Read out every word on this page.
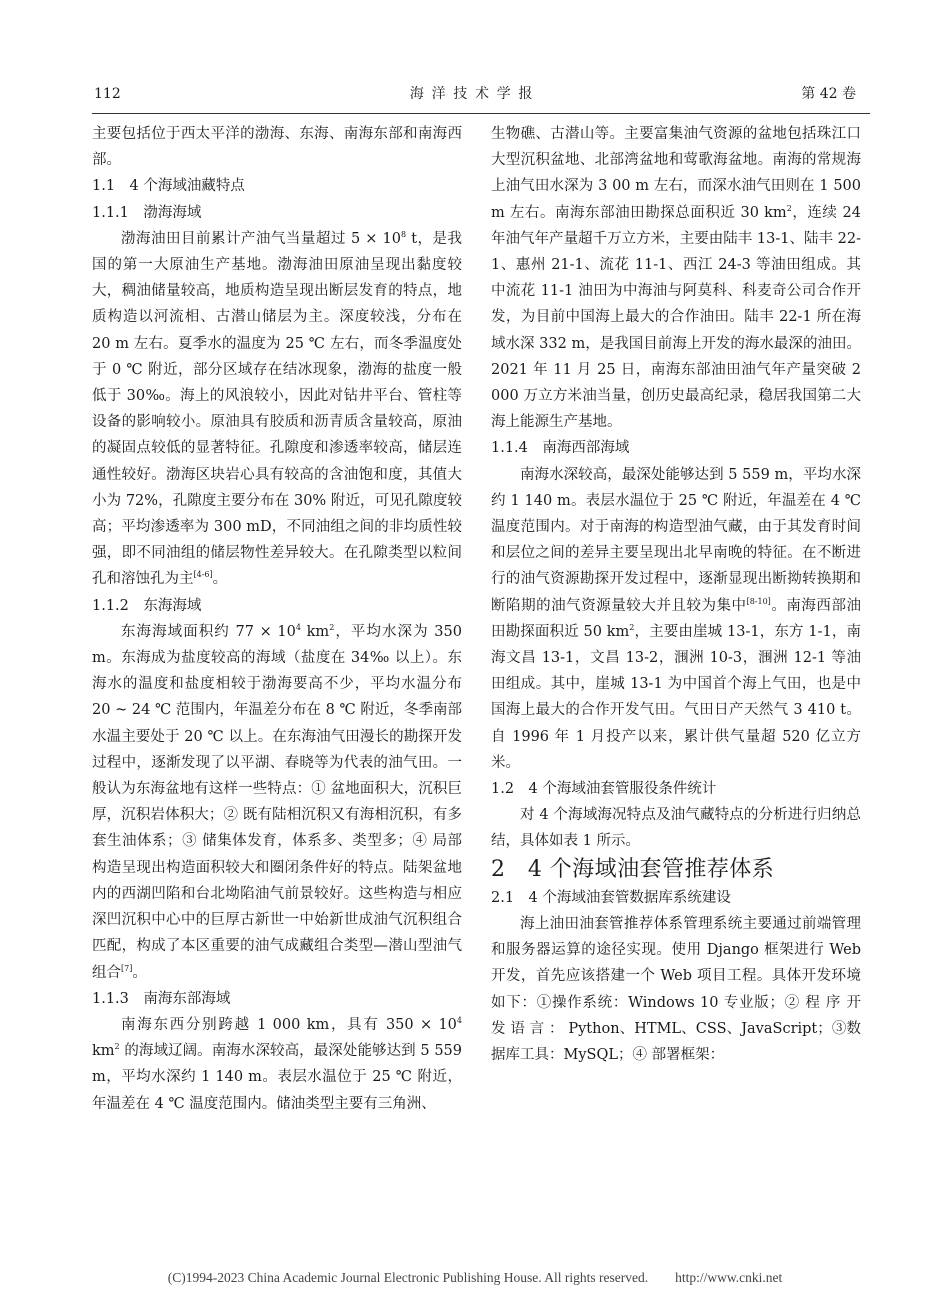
112	海洋技术学报	第 42 卷

主要包括位于西太平洋的渤海、东海、南海东部和南海西部。

1.1　4 个海域油藏特点

1.1.1　渤海海域

渤海油田目前累计产油气当量超过 $5 \times 10^8$ t，是我国的第一大原油生产基地。渤海油田原油呈现出黏度较大，稠油储量较高，地质构造呈现出断层发育的特点，地质构造以河流相、古潜山储层为主。深度较浅，分布在 20 m 左右。夏季水的温度为 25 ℃ 左右，而冬季温度处于 0 ℃ 附近，部分区域存在结冰现象，渤海的盐度一般低于 30‰。海上的风浪较小，因此对钻井平台、管柱等设备的影响较小。原油具有胶质和沥青质含量较高，原油的凝固点较低的显著特征。孔隙度和渗透率较高，储层连通性较好。渤海区块岩心具有较高的含油饱和度，其值大小为 72%，孔隙度主要分布在 30% 附近，可见孔隙度较高；平均渗透率为 300 mD，不同油组之间的非均质性较强，即不同油组的储层物性差异较大。在孔隙类型以粒间孔和溶蚀孔为主[4-6]。

1.1.2　东海海域

东海海域面积约 $77 \times 10^4$ $km^2$，平均水深为 350 m。东海成为盐度较高的海域（盐度在 34‰ 以上）。东海水的温度和盐度相较于渤海要高不少，平均水温分布 20 ~ 24 ℃ 范围内，年温差分布在 8 ℃ 附近，冬季南部水温主要处于 20 ℃ 以上。在东海油气田漫长的勘探开发过程中，逐渐发现了以平湖、春晓等为代表的油气田。一般认为东海盆地有这样一些特点：① 盆地面积大，沉积巨厚，沉积岩体积大；② 既有陆相沉积又有海相沉积，有多套生油体系；③ 储集体发育，体系多、类型多；④ 局部构造呈现出构造面积较大和圈闭条件好的特点。陆架盆地内的西湖凹陷和台北坳陷油气前景较好。这些构造与相应深凹沉积中心中的巨厚古新世一中始新世成油气沉积组合匹配，构成了本区重要的油气成藏组合类型—潜山型油气组合[7]。

1.1.3　南海东部海域

南海东西分别跨越 1 000 km，具有 $350 \times 10^4$ $km^2$ 的海域辽阔。南海水深较高，最深处能够达到 5 559 m，平均水深约 1 140 m。表层水温位于 25 ℃ 附近，年温差在 4 ℃ 温度范围内。储油类型主要有三角洲、

生物礁、古潜山等。主要富集油气资源的盆地包括珠江口大型沉积盆地、北部湾盆地和莺歌海盆地。南海的常规海上油气田水深为 3 00 m 左右，而深水油气田则在 1 500 m 左右。南海东部油田勘探总面积近 30 $km^2$，连续 24 年油气年产量超千万立方米，主要由陆丰 13-1、陆丰 22-1、惠州 21-1、流花 11-1、西江 24-3 等油田组成。其中流花 11-1 油田为中海油与阿莫科、科麦奇公司合作开发，为目前中国海上最大的合作油田。陆丰 22-1 所在海域水深 332 m，是我国目前海上开发的海水最深的油田。2021 年 11 月 25 日，南海东部油田油气年产量突破 2 000 万立方米油当量，创历史最高纪录，稳居我国第二大海上能源生产基地。

1.1.4　南海西部海域

南海水深较高，最深处能够达到 5 559 m，平均水深约 1 140 m。表层水温位于 25 ℃ 附近，年温差在 4 ℃ 温度范围内。对于南海的构造型油气藏，由于其发育时间和层位之间的差异主要呈现出北早南晚的特征。在不断进行的油气资源勘探开发过程中，逐渐显现出断拗转换期和断陷期的油气资源量较大并且较为集中[8-10]。南海西部油田勘探面积近 50 $km^2$，主要由崖城 13-1，东方 1-1，南海文昌 13-1，文昌 13-2，涠洲 10-3，涠洲 12-1 等油田组成。其中，崖城 13-1 为中国首个海上气田，也是中国海上最大的合作开发气田。气田日产天然气 3 410 t。自 1996 年 1 月投产以来，累计供气量超 520 亿立方米。

1.2　4 个海域油套管服役条件统计

对 4 个海域海况特点及油气藏特点的分析进行归纳总结，具体如表 1 所示。

2　4 个海域油套管推荐体系

2.1　4 个海域油套管数据库系统建设

海上油田油套管推荐体系管理系统主要通过前端管理和服务器运算的途径实现。使用 Django 框架进行 Web 开发，首先应该搭建一个 Web 项目工程。具体开发环境如下：①操作系统：Windows 10 专业版；② 程 序 开 发 语 言 ： Python、HTML、CSS、JavaScript；③数据库工具：MySQL；④ 部署框架：

(C)1994-2023 China Academic Journal Electronic Publishing House. All rights reserved.　　http://www.cnki.net
